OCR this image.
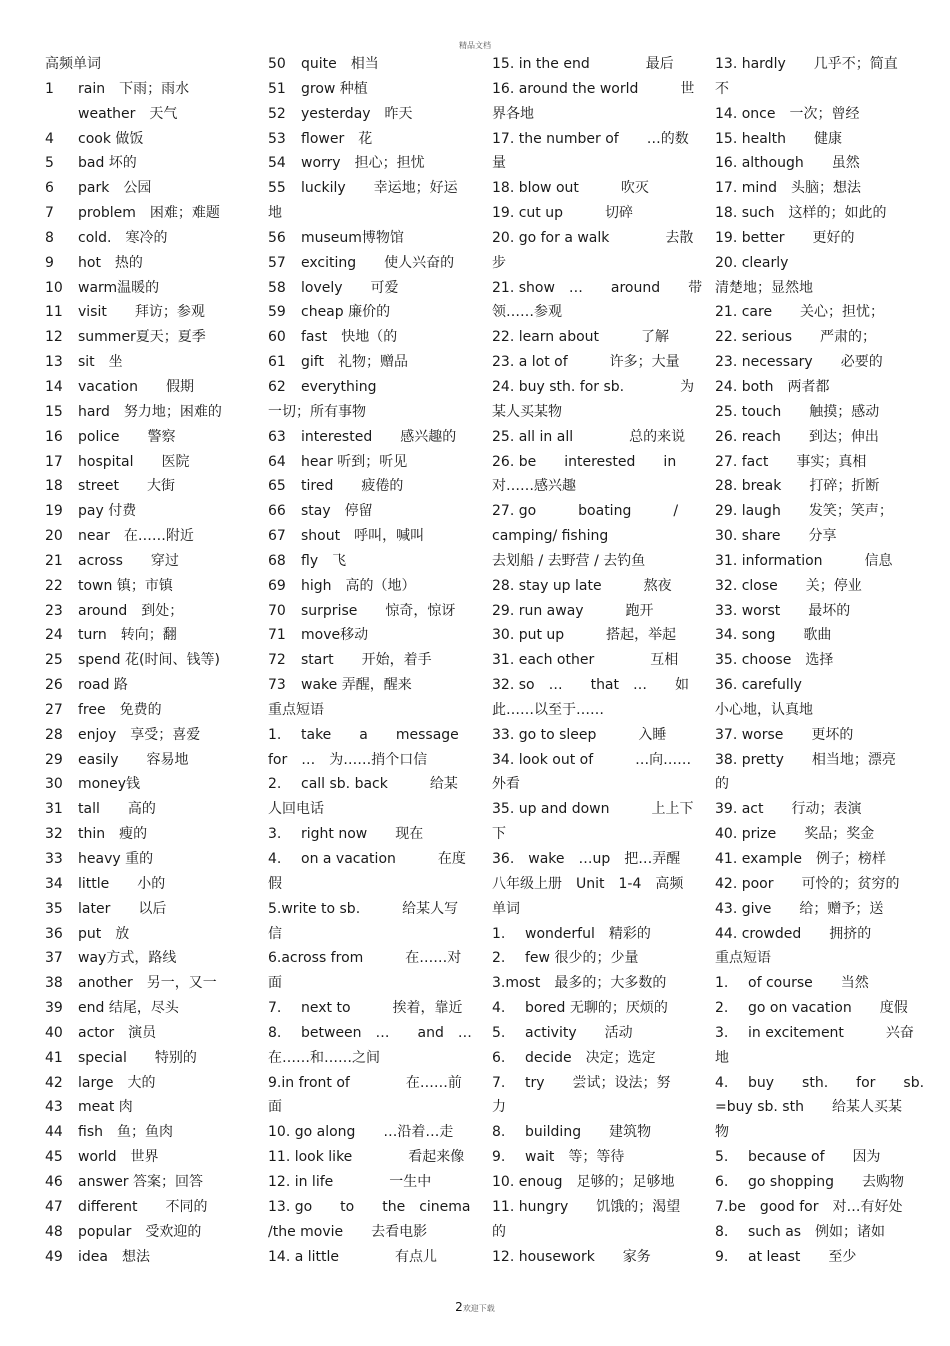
精品文档
高频单词
1 rain　下雨；雨水
weather　天气
4 cook 做饭
5 bad 坏的
6 park　公园
7 problem　困难；难题
8 cold.　寒冷的
9 hot　热的
10 warm温暖的
11 visit　　拜访；参观
12 summer夏天；夏季
13 sit　坐
14 vacation　　假期
15 hard　努力地；困难的
16 police　　警察
17 hospital　　医院
18 street　　大街
19 pay 付费
20 near　在……附近
21 across　　穿过
22 town 镇；市镇
23 around　到处；
24 turn　转向；翻
25 spend 花(时间、钱等)
26 road 路
27 free　免费的
28 enjoy　享受；喜爱
29 easily　　容易地
30 money钱
31 tall　　高的
32 thin　瘦的
33 heavy 重的
34 little　　小的
35 later　　以后
36 put　放
37 way方式，路线
38 another　另一，又一
39 end 结尾，尽头
40 actor　演员
41 special　　特别的
42 large　大的
43 meat 肉
44 fish　鱼；鱼肉
45 world　世界
46 answer 答案；回答
47 different　　不同的
48 popular　受欢迎的
49 idea　想法
50 quite　相当
51 grow 种植
52 yesterday　昨天
53 flower　花
54 worry　担心；担忧
55 luckily　　幸运地；好运
地
56 museum博物馆
57 exciting　　使人兴奋的
58 lovely　　可爱
59 cheap 廉价的
60 fast　快地（的
61 gift　礼物；赠品
62 everything
一切；所有事物
63 interested　　感兴趣的
64 hear 听到；听见
65 tired　　疲倦的
66 stay　停留
67 shout　呼叫，喊叫
68 fly　飞
69 high　高的（地）
70 surprise　　惊奇，惊讶
71 move移动
72 start　　开始，着手
73 wake 弄醒，醒来
重点短语
1. take　　a　　message
for　…　为……捎个口信
2. call sb. back　　　给某
人回电话
3. right now　　现在
4. on a vacation　　　在度
假
5.write to sb.　　　给某人写
信
6.across from　　　在……对
面
7. next to　　　挨着，靠近
8. between　…　　and　…
在……和……之间
9.in front of　　　　在……前
面
10. go along　　…沿着…走
11. look like　　　　看起来像
12. in life　　　　一生中
13. go　　to　　the　cinema
/the movie　　去看电影
14. a little　　　　有点儿
15. in the end　　　　最后
16. around the world　　　世
界各地
17. the number of　　…的数
量
18. blow out　　　吹灭
19. cut up　　　切碎
20. go for a walk　　　　去散
步
21. show　…　　around　　带
领……参观
22. learn about　　　了解
23. a lot of　　　许多；大量
24. buy sth. for sb.　　　　为
某人买某物
25. all in all　　　　总的来说
26. be　　interested　　in
对……感兴趣
27. go　　　boating　　　/
camping/ fishing
去划船 / 去野营 / 去钓鱼
28. stay up late　　　熬夜
29. run away　　　跑开
30. put up　　　搭起，举起
31. each other　　　　互相
32. so　…　　that　…　　如
此……以至于……
33. go to sleep　　　入睡
34. look out of　　　…向……
外看
35. up and down　　　上上下
下
36.　wake　…up　把…弄醒
八年级上册　Unit　1-4　高频
单词
1. wonderful　精彩的
2. few 很少的；少量
3.most　最多的；大多数的
4. bored 无聊的；厌烦的
5. activity　　活动
6. decide　决定；选定
7. try　　尝试；设法；努
力
8. building　　建筑物
9. wait　等；等待
10. enoug　足够的；足够地
11. hungry　　饥饿的；渴望
的
12. housework　　家务
13. hardly　　几乎不；简直
不
14. once　一次；曾经
15. health　　健康
16. although　　虽然
17. mind　头脑；想法
18. such　这样的；如此的
19. better　　更好的
20. clearly
清楚地；显然地
21. care　　关心；担忧；
22. serious　　严肃的；
23. necessary　　必要的
24. both　两者都
25. touch　　触摸；感动
26. reach　　到达；伸出
27. fact　　事实；真相
28. break　　打碎；折断
29. laugh　　发笑；笑声；
30. share　　分享
31. information　　　信息
32. close　　关；停业
33. worst　　最坏的
34. song　　歌曲
35. choose　选择
36. carefully
小心地，认真地
37. worse　　更坏的
38. pretty　　相当地；漂亮
的
39. act　　行动；表演
40. prize　　奖品；奖金
41. example　例子；榜样
42. poor　　可怜的；贫穷的
43. give　　给；赠予；送
44. crowded　　拥挤的
重点短语
1. of course　　当然
2. go on vacation　　度假
3. in excitement　　　兴奋
地
4. buy　　sth.　　for　　sb.
=buy sb. sth　　给某人买某
物
5. because of　　因为
6. go shopping　　去购物
7.be　good for　对…有好处
8. such as　例如；诸如
9. at least　　至少
2欢迎下载
